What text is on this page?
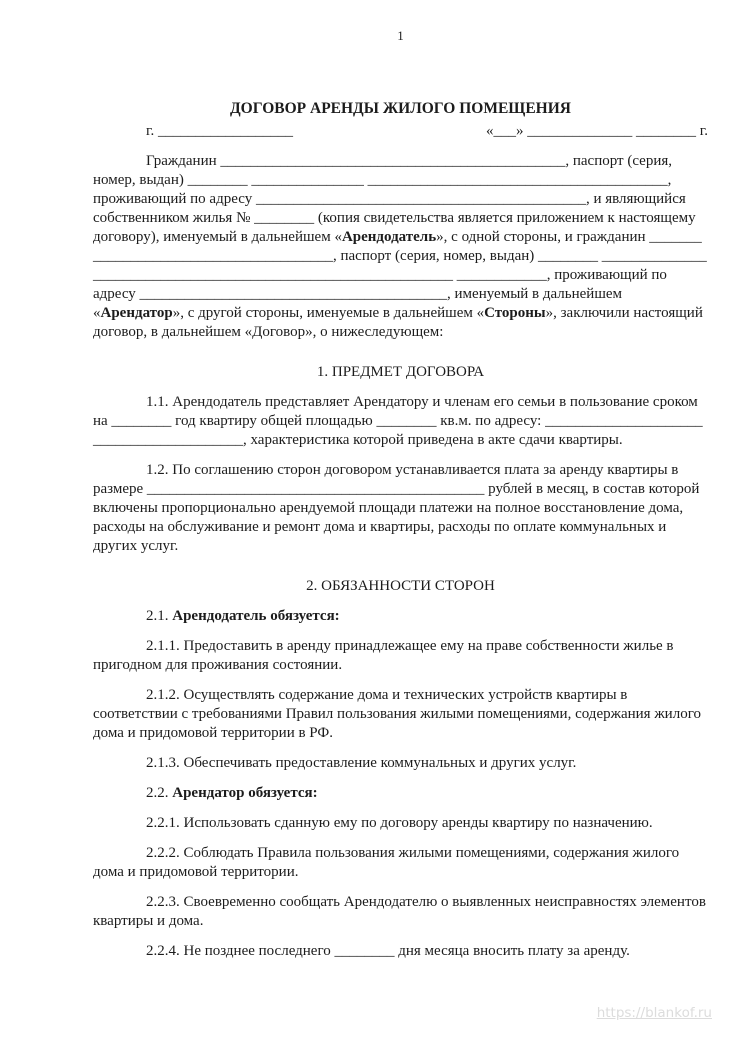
1
ДОГОВОР АРЕНДЫ ЖИЛОГО ПОМЕЩЕНИЯ
г. __________________	«___» ______________ ________ г.

Гражданин _​_​_​_​_​_​_​_​_​_​_​_​_​_​_​_​_​_​_​_​_​_​_​_​_​_​_​_​_​_​_​_​_​_​_​_​_​_​_​_​_​_​_​_​_​_​, паспорт (серия, номер, выдан) _​_​_​_​_​_​_​_​ _​_​_​_​_​_​_​_​_​_​_​_​_​_​_​ _​_​_​_​_​_​_​_​_​_​_​_​_​_​_​_​_​_​_​_​_​_​_​_​_​_​_​_​_​_​_​_​_​_​_​_​_​_​_​_​, проживающий по адресу _​_​_​_​_​_​_​_​_​_​_​_​_​_​_​_​_​_​_​_​_​_​_​_​_​_​_​_​_​_​_​_​_​_​_​_​_​_​_​_​_​_​_​_​, и являющийся собственником жилья № _​_​_​_​_​_​_​_​ (копия свидетельства является приложением к настоящему договору), именуемый в дальнейшем «Арендодатель», с одной стороны, и гражданин _​_​_​_​_​_​_​_​_​_​_​_​_​_​_​_​_​_​_​_​_​_​_​_​_​_​_​_​_​_​_​_​_​_​_​_​_​_​_​, паспорт (серия, номер, выдан) _​_​_​_​_​_​_​_​ _​_​_​_​_​_​_​_​_​_​_​_​_​_​ _​_​_​_​_​_​_​_​_​_​_​_​_​_​_​_​_​_​_​_​_​_​_​_​_​_​_​_​_​_​_​_​_​_​_​_​_​_​_​_​_​_​_​_​_​_​_​_​ _​_​_​_​_​_​_​_​_​_​_​_​, проживающий по адресу _​_​_​_​_​_​_​_​_​_​_​_​_​_​_​_​_​_​_​_​_​_​_​_​_​_​_​_​_​_​_​_​_​_​_​_​_​_​_​_​_​, именуемый в дальнейшем «Арендатор», с другой стороны, именуемые в дальнейшем «Стороны», заключили настоящий договор, в дальнейшем «Договор», о нижеследующем:

1. ПРЕДМЕТ ДОГОВОРА

1.1. Арендодатель представляет Арендатору и членам его семьи в пользование сроком на _​_​_​_​_​_​_​_​ год квартиру общей площадью _​_​_​_​_​_​_​_​ кв.м. по адресу: _​_​_​_​_​_​_​_​_​_​_​_​_​_​_​_​_​_​_​_​_​_​_​_​_​_​_​_​_​_​_​_​_​_​_​_​_​_​_​_​_​, характеристика которой приведена в акте сдачи квартиры.

1.2. По соглашению сторон договором устанавливается плата за аренду квартиры в размере _​_​_​_​_​_​_​_​_​_​_​_​_​_​_​_​_​_​_​_​_​_​_​_​_​_​_​_​_​_​_​_​_​_​_​_​_​_​_​_​_​_​_​_​_​ рублей в месяц, в состав которой включены пропорционально арендуемой площади платежи на полное восстановление дома, расходы на обслуживание и ремонт дома и квартиры, расходы по оплате коммунальных и других услуг.

2. ОБЯЗАННОСТИ СТОРОН

2.1. Арендодатель обязуется:

2.1.1. Предоставить в аренду принадлежащее ему на праве собственности жилье в пригодном для проживания состоянии.

2.1.2. Осуществлять содержание дома и технических устройств квартиры в соответствии с требованиями Правил пользования жилыми помещениями, содержания жилого дома и придомовой территории в РФ.

2.1.3. Обеспечивать предоставление коммунальных и других услуг.

2.2. Арендатор обязуется:

2.2.1. Использовать сданную ему по договору аренды квартиру по назначению.

2.2.2. Соблюдать Правила пользования жилыми помещениями, содержания жилого дома и придомовой территории.

2.2.3. Своевременно сообщать Арендодателю о выявленных неисправностях элементов квартиры и дома.

2.2.4. Не позднее последнего _​_​_​_​_​_​_​_​ дня месяца вносить плату за аренду.

https://blankof.ru
